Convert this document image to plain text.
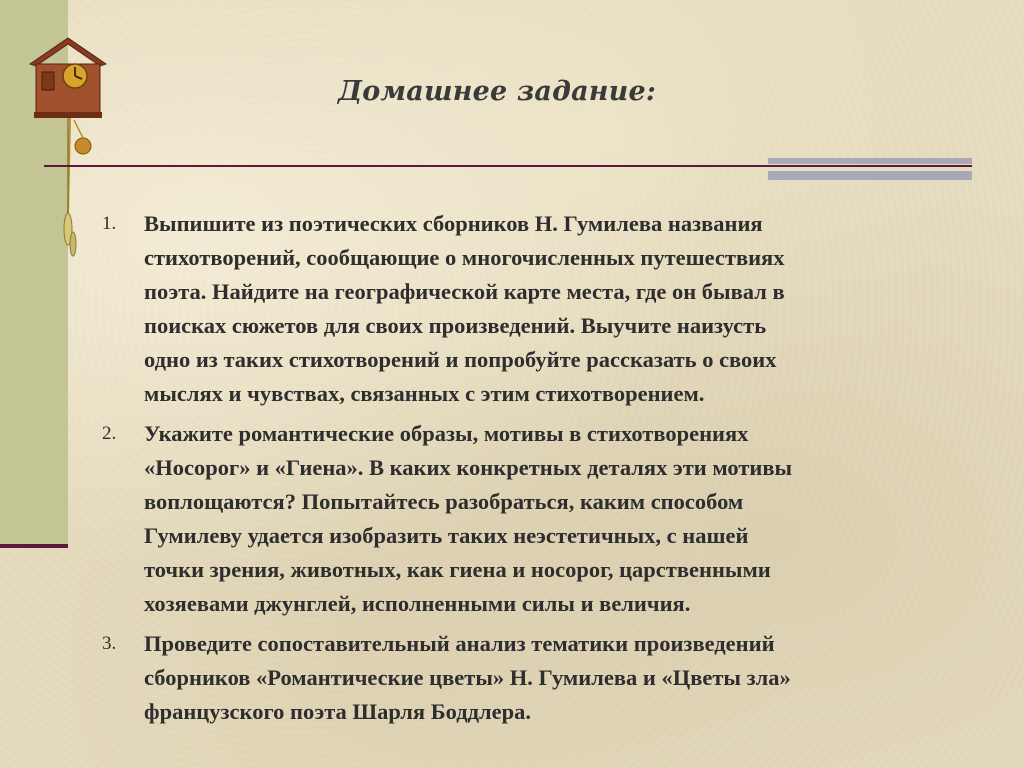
Домашнее задание:
1. Выпишите из поэтических сборников Н. Гумилева названия
стихотворений, сообщающие о многочисленных путешествиях
поэта. Найдите на географической карте места, где он бывал в
поисках сюжетов для своих произведений. Выучите наизусть
одно из таких стихотворений и попробуйте рассказать о своих
мыслях и чувствах, связанных с этим стихотворением.
2. Укажите романтические образы, мотивы в стихотворениях
«Носорог» и «Гиена». В каких конкретных деталях эти мотивы
воплощаются? Попытайтесь разобраться, каким способом
Гумилеву удается изобразить таких неэстетичных, с нашей
точки зрения, животных, как гиена и носорог, царственными
хозяевами джунглей, исполненными силы и величия.
3. Проведите сопоставительный анализ тематики произведений
сборников «Романтические цветы» Н. Гумилева и «Цветы зла»
французского поэта Шарля Боддлера.
